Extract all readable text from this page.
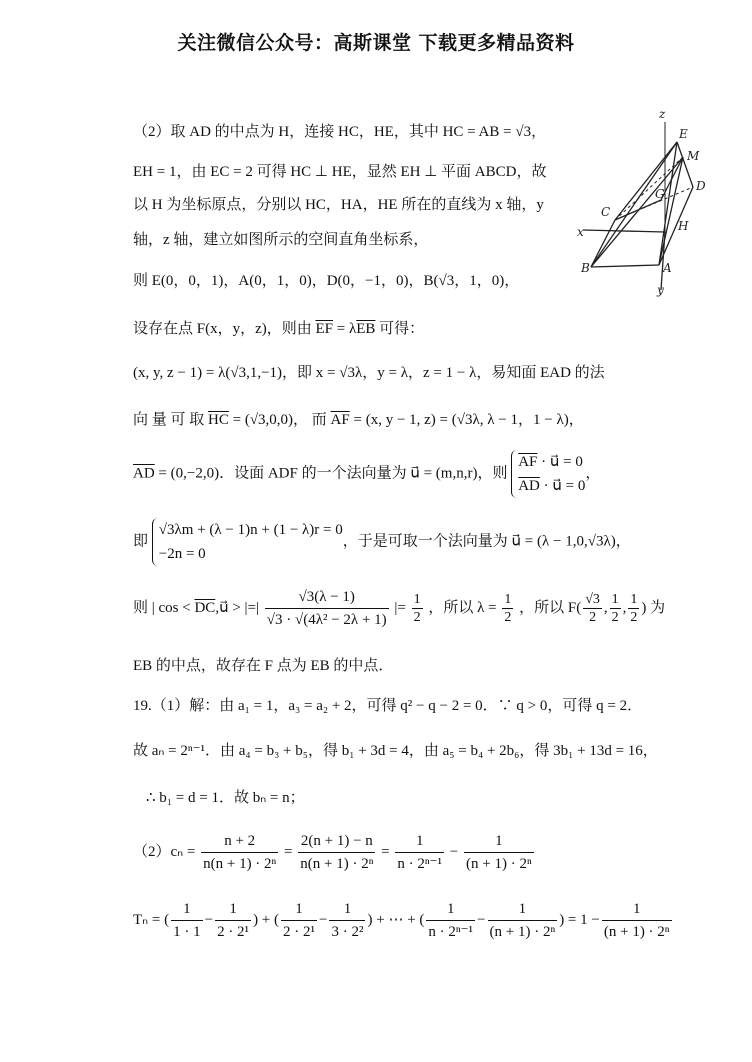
关注微信公众号：高斯课堂 下载更多精品资料
z
E
M
D
G
C
x	H
B	A
y
（2）取 AD 的中点为 H，连接 HC，HE，其中 HC = AB = √3，
EH = 1，由 EC = 2 可得 HC ⊥ HE，显然 EH ⊥ 平面 ABCD，故
以 H 为坐标原点，分别以 HC，HA，HE 所在的直线为 x 轴，y
轴，z 轴，建立如图所示的空间直角坐标系，
则 E(0，0，1)，A(0，1，0)，D(0，−1，0)，B(√3，1，0)，
设存在点 F(x，y，z)，则由 $\overline{EF} = \lambda\overline{EB}$ 可得：
(x, y, z − 1) = λ(√3,1,−1)，即 x = √3λ，y = λ，z = 1 − λ，易知面 EAD 的法
向 量 可 取 $\overline{HC} = (√3,0,0)$， 而 $\overline{AF} = (x$, y − 1, z) = (√3λ, λ − 1，1 − λ)，
$\overline{AD} = (0,-2,0)$．设面 ADF 的一个法向量为 u⃗ = (m,n,r)，则
$\overline{AF}$ · u⃗ = 0
$\overline{AD}$ · u⃗ = 0
，
即
√3λm + (λ − 1)n + (1 − λ)r = 0
−2n = 0
，于是可取一个法向量为 u⃗ = (λ − 1,0,√3λ)，
则 | $\cos < \overline{DC},u⃗$ > |=| $\frac{√3(\lambda - 1)}{\text{√3 · √(4λ² − 2λ + 1)}}$ |= $\frac{1}{2}$ ，所以 $\lambda = \frac{1}{2}$ ，所以 $F( \frac{√3}{2}$ , $\frac{1}{2}$ , $\frac{1}{2}$ ) 为
EB 的中点，故存在 F 点为 EB 的中点．
19.（1）解：由 a₁ = 1，a₃ = a₂ + 2，可得 q² − q − 2 = 0．∵ q > 0，可得 q = 2．
故 aₙ = 2ⁿ⁻¹．由 a₄ = b₃ + b₅，得 b₁ + 3d = 4，由 a₅ = b₄ + 2b₆，得 3b₁ + 13d = 16，
∴ b₁ = d = 1．故 bₙ = n；
$(2)c_n = \frac{n + 2}{\text{n(n + 1) · 2ⁿ}} = \frac{2(n + 1) - n}{\text{n(n + 1) · 2ⁿ}} = \frac{1}{\text{n · 2ⁿ⁻¹}} - \frac{1}{\text{(n + 1) · 2ⁿ}}$
Tₙ = ( $\frac{1}{1 \cdot 1} - \frac{1}{\text{2 · 2¹}}$ ) + ( $\frac{1}{\text{2 · 2¹}} - \frac{1}{\text{3 · 2²}}$ ) + ⋯ + ( $\frac{1}{\text{n · 2ⁿ⁻¹}} - \frac{1}{\text{(n + 1) · 2ⁿ}}$ ) = $1 - \frac{1}{\text{(n + 1) · 2ⁿ}}$
